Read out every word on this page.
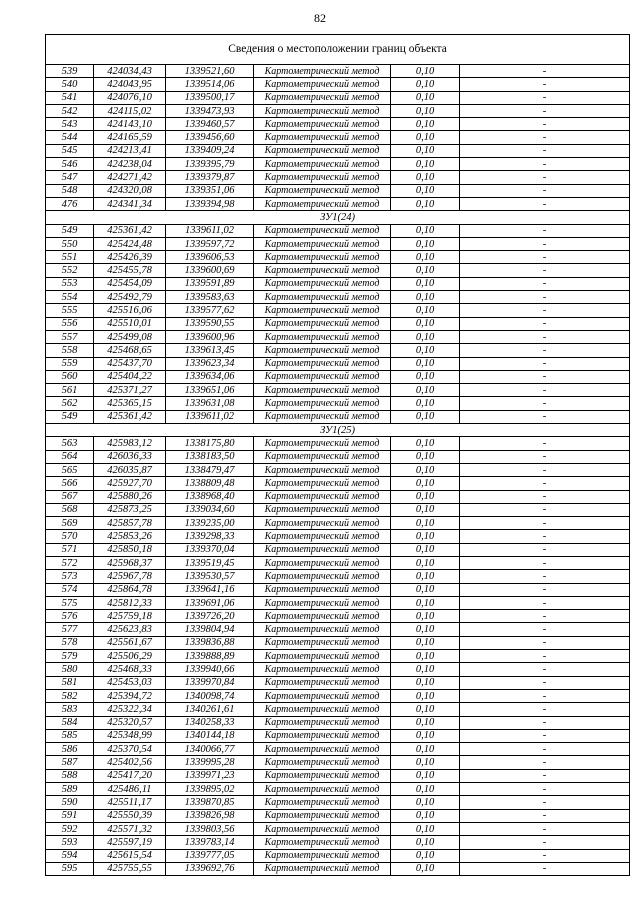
82
Сведения о местоположении границ объекта					
539	424034,43	1339521,60	Картометрический метод	0,10	-
540	424043,95	1339514,06	Картометрический метод	0,10	-
541	424076,10	1339500,17	Картометрический метод	0,10	-
542	424115,02	1339473,93	Картометрический метод	0,10	-
543	424143,10	1339460,57	Картометрический метод	0,10	-
544	424165,59	1339456,60	Картометрический метод	0,10	-
545	424213,41	1339409,24	Картометрический метод	0,10	-
546	424238,04	1339395,79	Картометрический метод	0,10	-
547	424271,42	1339379,87	Картометрический метод	0,10	-
548	424320,08	1339351,06	Картометрический метод	0,10	-
476	424341,34	1339394,98	Картометрический метод	0,10	-
ЗУ1(24)					
549	425361,42	1339611,02	Картометрический метод	0,10	-
550	425424,48	1339597,72	Картометрический метод	0,10	-
551	425426,39	1339606,53	Картометрический метод	0,10	-
552	425455,78	1339600,69	Картометрический метод	0,10	-
553	425454,09	1339591,89	Картометрический метод	0,10	-
554	425492,79	1339583,63	Картометрический метод	0,10	-
555	425516,06	1339577,62	Картометрический метод	0,10	-
556	425510,01	1339590,55	Картометрический метод	0,10	-
557	425499,08	1339600,96	Картометрический метод	0,10	-
558	425468,65	1339613,45	Картометрический метод	0,10	-
559	425437,70	1339623,34	Картометрический метод	0,10	-
560	425404,22	1339634,06	Картометрический метод	0,10	-
561	425371,27	1339651,06	Картометрический метод	0,10	-
562	425365,15	1339631,08	Картометрический метод	0,10	-
549	425361,42	1339611,02	Картометрический метод	0,10	-
ЗУ1(25)					
563	425983,12	1338175,80	Картометрический метод	0,10	-
564	426036,33	1338183,50	Картометрический метод	0,10	-
565	426035,87	1338479,47	Картометрический метод	0,10	-
566	425927,70	1338809,48	Картометрический метод	0,10	-
567	425880,26	1338968,40	Картометрический метод	0,10	-
568	425873,25	1339034,60	Картометрический метод	0,10	-
569	425857,78	1339235,00	Картометрический метод	0,10	-
570	425853,26	1339298,33	Картометрический метод	0,10	-
571	425850,18	1339370,04	Картометрический метод	0,10	-
572	425968,37	1339519,45	Картометрический метод	0,10	-
573	425967,78	1339530,57	Картометрический метод	0,10	-
574	425864,78	1339641,16	Картометрический метод	0,10	-
575	425812,33	1339691,06	Картометрический метод	0,10	-
576	425759,18	1339726,20	Картометрический метод	0,10	-
577	425623,83	1339804,94	Картометрический метод	0,10	-
578	425561,67	1339836,88	Картометрический метод	0,10	-
579	425506,29	1339888,89	Картометрический метод	0,10	-
580	425468,33	1339940,66	Картометрический метод	0,10	-
581	425453,03	1339970,84	Картометрический метод	0,10	-
582	425394,72	1340098,74	Картометрический метод	0,10	-
583	425322,34	1340261,61	Картометрический метод	0,10	-
584	425320,57	1340258,33	Картометрический метод	0,10	-
585	425348,99	1340144,18	Картометрический метод	0,10	-
586	425370,54	1340066,77	Картометрический метод	0,10	-
587	425402,56	1339995,28	Картометрический метод	0,10	-
588	425417,20	1339971,23	Картометрический метод	0,10	-
589	425486,11	1339895,02	Картометрический метод	0,10	-
590	425511,17	1339870,85	Картометрический метод	0,10	-
591	425550,39	1339826,98	Картометрический метод	0,10	-
592	425571,32	1339803,56	Картометрический метод	0,10	-
593	425597,19	1339783,14	Картометрический метод	0,10	-
594	425615,54	1339777,05	Картометрический метод	0,10	-
595	425755,55	1339692,76	Картометрический метод	0,10	-
